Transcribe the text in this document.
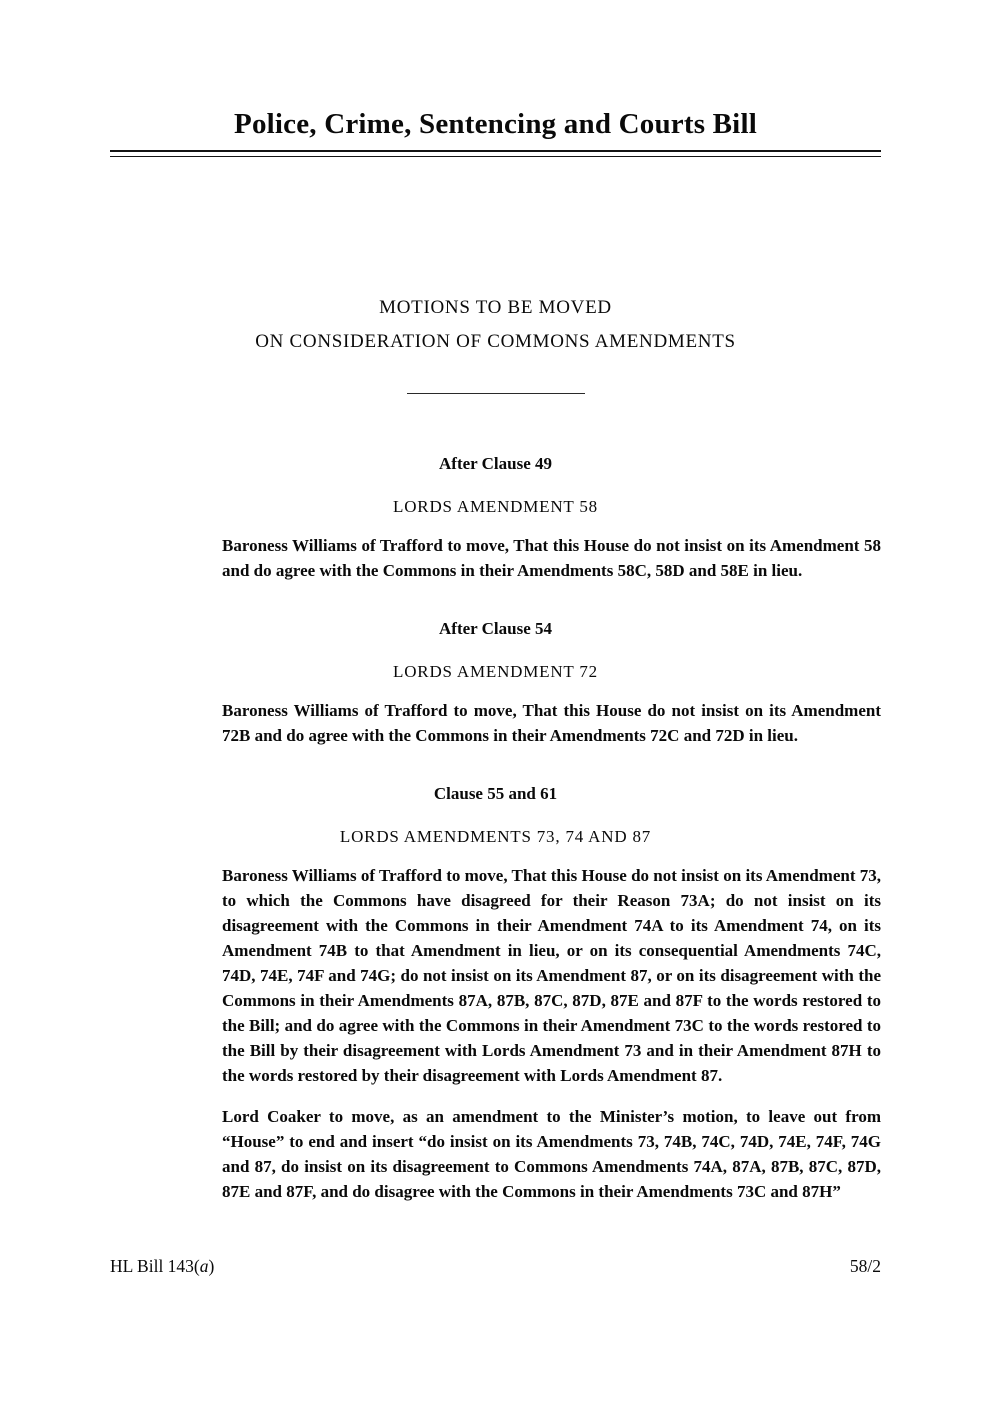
Police, Crime, Sentencing and Courts Bill
MOTIONS TO BE MOVED
ON CONSIDERATION OF COMMONS AMENDMENTS
After Clause 49
LORDS AMENDMENT 58

Baroness Williams of Trafford to move, That this House do not insist on its Amendment 58 and do agree with the Commons in their Amendments 58C, 58D and 58E in lieu.

After Clause 54
LORDS AMENDMENT 72

Baroness Williams of Trafford to move, That this House do not insist on its Amendment 72B and do agree with the Commons in their Amendments 72C and 72D in lieu.

Clause 55 and 61
LORDS AMENDMENTS 73, 74 AND 87

Baroness Williams of Trafford to move, That this House do not insist on its Amendment 73, to which the Commons have disagreed for their Reason 73A; do not insist on its disagreement with the Commons in their Amendment 74A to its Amendment 74, on its Amendment 74B to that Amendment in lieu, or on its consequential Amendments 74C, 74D, 74E, 74F and 74G; do not insist on its Amendment 87, or on its disagreement with the Commons in their Amendments 87A, 87B, 87C, 87D, 87E and 87F to the words restored to the Bill; and do agree with the Commons in their Amendment 73C to the words restored to the Bill by their disagreement with Lords Amendment 73 and in their Amendment 87H to the words restored by their disagreement with Lords Amendment 87.

Lord Coaker to move, as an amendment to the Minister’s motion, to leave out from “House” to end and insert “do insist on its Amendments 73, 74B, 74C, 74D, 74E, 74F, 74G and 87, do insist on its disagreement to Commons Amendments 74A, 87A, 87B, 87C, 87D, 87E and 87F, and do disagree with the Commons in their Amendments 73C and 87H”

HL Bill 143(a)	58/2
